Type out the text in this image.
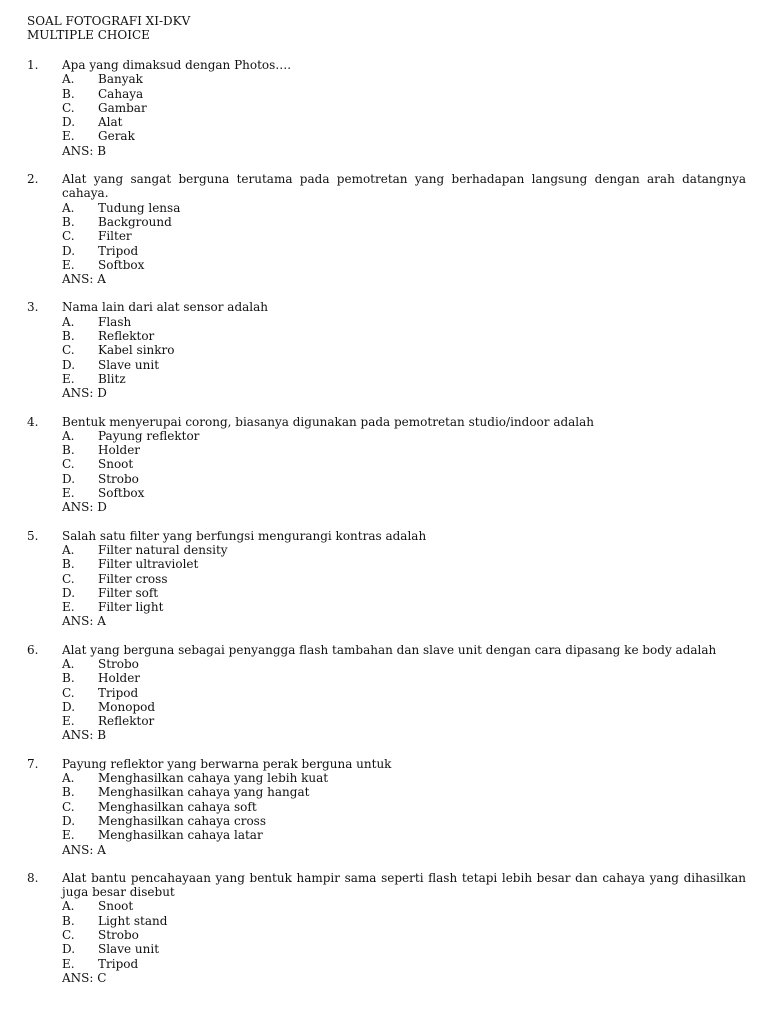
SOAL FOTOGRAFI XI-DKV
MULTIPLE CHOICE
1. Apa yang dimaksud dengan Photos….
A. Banyak
B. Cahaya
C. Gambar
D. Alat
E. Gerak
ANS: B
2. Alat yang sangat berguna terutama pada pemotretan yang berhadapan langsung dengan arah datangnya cahaya.
A. Tudung lensa
B. Background
C. Filter
D. Tripod
E. Softbox
ANS: A
3. Nama lain dari alat sensor adalah
A. Flash
B. Reflektor
C. Kabel sinkro
D. Slave unit
E. Blitz
ANS: D
4. Bentuk menyerupai corong, biasanya digunakan pada pemotretan studio/indoor adalah
A. Payung reflektor
B. Holder
C. Snoot
D. Strobo
E. Softbox
ANS: D
5. Salah satu filter yang berfungsi mengurangi kontras adalah
A. Filter natural density
B. Filter ultraviolet
C. Filter cross
D. Filter soft
E. Filter light
ANS: A
6. Alat yang berguna sebagai penyangga flash tambahan dan slave unit dengan cara dipasang ke body adalah
A. Strobo
B. Holder
C. Tripod
D. Monopod
E. Reflektor
ANS: B
7. Payung reflektor yang berwarna perak berguna untuk
A. Menghasilkan cahaya yang lebih kuat
B. Menghasilkan cahaya yang hangat
C. Menghasilkan cahaya soft
D. Menghasilkan cahaya cross
E. Menghasilkan cahaya latar
ANS: A
8. Alat bantu pencahayaan yang bentuk hampir sama seperti flash tetapi lebih besar dan cahaya yang dihasilkan juga besar disebut
A. Snoot
B. Light stand
C. Strobo
D. Slave unit
E. Tripod
ANS: C
